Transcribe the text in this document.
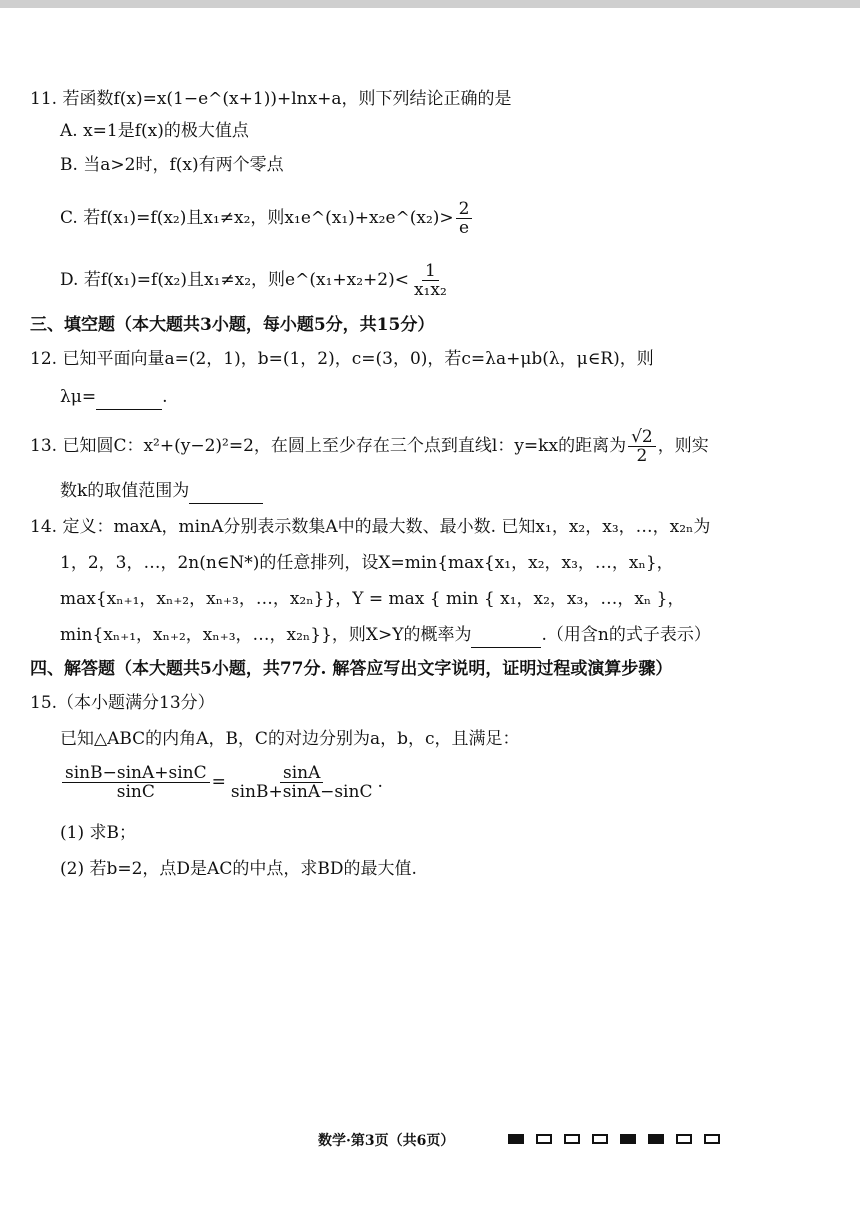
11. 若函数f(x)=x(1−e^(x+1))+lnx+a，则下列结论正确的是
A. x=1是f(x)的极大值点
B. 当a>2时，f(x)有两个零点
C. 若f(x₁)=f(x₂)且x₁≠x₂，则x₁e^(x₁)+x₂e^(x₂)> $\frac{2}{e}$
D. 若f(x₁)=f(x₂)且x₁≠x₂，则e^(x₁+x₂+2)< $\frac{1}{\text{x₁x₂}}$
三、填空题（本大题共3小题，每小题5分，共15分）
12. 已知平面向量a=(2，1)，b=(1，2)，c=(3，0)，若c=λa+μb(λ，μ∈R)，则
λμ=	.
13. 已知圆C：x²+(y−2)²=2，在圆上至少存在三个点到直线l：y=kx的距离为 $\frac{√2}{2}$ ，则实
数k的取值范围为
14. 定义：maxA，minA分别表示数集A中的最大数、最小数. 已知x₁，x₂，x₃，…，x₂ₙ为
1，2，3，…，2n(n∈N*)的任意排列，设X=min{max{x₁，x₂，x₃，…，xₙ}，
max{xₙ₊₁，xₙ₊₂，xₙ₊₃，…，x₂ₙ}}，Y = max { min { x₁，x₂，x₃，…，xₙ }，
min{xₙ₊₁，xₙ₊₂，xₙ₊₃，…，x₂ₙ}}，则X>Y的概率为	.（用含n的式子表示）
四、解答题（本大题共5小题，共77分. 解答应写出文字说明，证明过程或演算步骤）
15.（本小题满分13分）
已知△ABC的内角A，B，C的对边分别为a，b，c，且满足：
$\frac{\sin B-\sin A+\sin C}{\sin C} = \frac{\sin A}{\sin B+\sin A-\sin C}$ .
(1) 求B；
(2) 若b=2，点D是AC的中点，求BD的最大值.
数学·第3页（共6页）
